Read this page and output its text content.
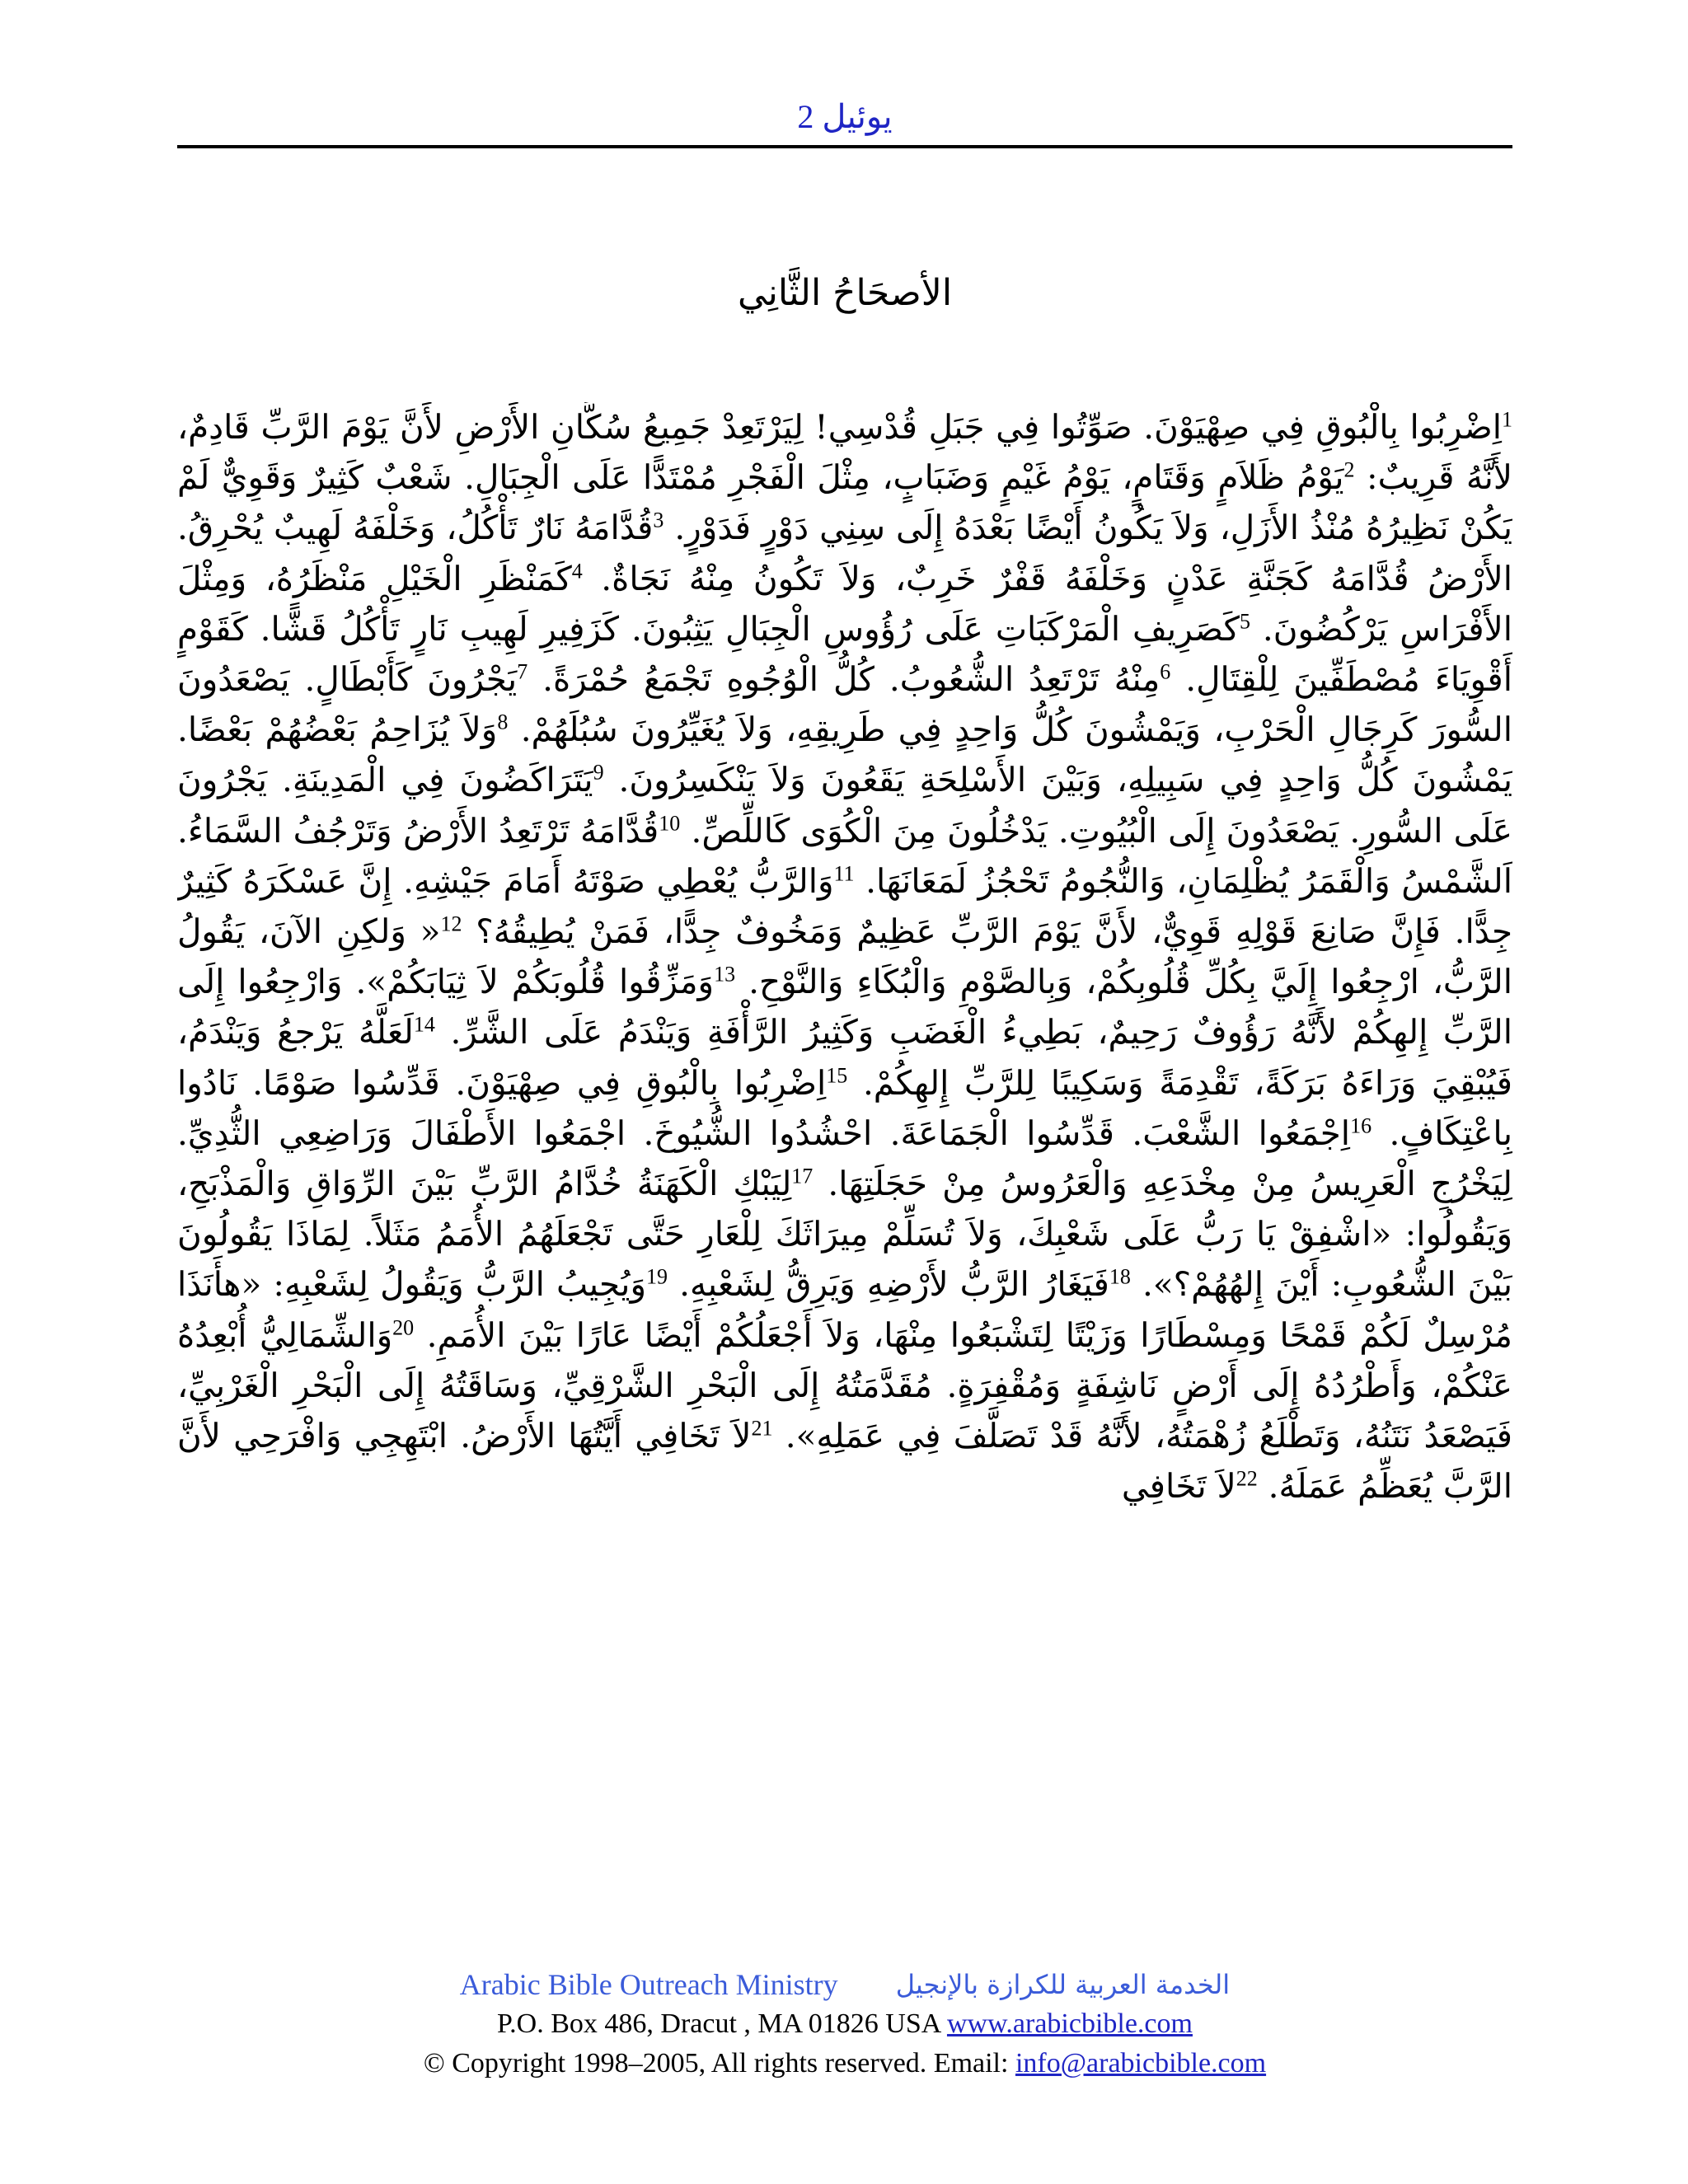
يوئيل 2
الأصحَاحُ الثَّانِي
$^1$اِضْرِبُوا بِالْبُوقِ فِي صِهْيَوْنَ. صَوِّتُوا فِي جَبَلِ قُدْسِي! لِيَرْتَعِدْ جَمِيعُ سُكَّانِ الأَرْضِ لأَنَّ يَوْمَ الرَّبِّ قَادِمٌ، لأَنَّهُ قَرِيبٌ: $^2$يَوْمُ ظَلاَمٍ وَقَتَامٍ، يَوْمُ غَيْمٍ وَضَبَابٍ، مِثْلَ الْفَجْرِ مُمْتَدًّا عَلَى الْجِبَالِ. شَعْبٌ كَثِيرٌ وَقَوِيٌّ لَمْ يَكُنْ نَظِيرُهُ مُنْذُ الأَزَلِ، وَلاَ يَكُونُ أَيْضًا بَعْدَهُ إِلَى سِنِي دَوْرٍ فَدَوْرٍ. $^3$قُدَّامَهُ نَارٌ تَأْكُلُ، وَخَلْفَهُ لَهِيبٌ يُحْرِقُ. الأَرْضُ قُدَّامَهُ كَجَنَّةِ عَدْنٍ وَخَلْفَهُ قَفْرٌ خَرِبٌ، وَلاَ تَكُونُ مِنْهُ نَجَاةٌ. $^4$كَمَنْظَرِ الْخَيْلِ مَنْظَرُهُ، وَمِثْلَ الأَفْرَاسِ يَرْكُضُونَ. $^5$كَصَرِيفِ الْمَرْكَبَاتِ عَلَى رُؤُوسِ الْجِبَالِ يَثِبُونَ. كَزَفِيرِ لَهِيبِ نَارٍ تَأْكُلُ قَشًّا. كَقَوْمٍ أَقْوِيَاءَ مُصْطَفِّينَ لِلْقِتَالِ. $^6$مِنْهُ تَرْتَعِدُ الشُّعُوبُ. كُلُّ الْوُجُوهِ تَجْمَعُ حُمْرَةً. $^7$يَجْرُونَ كَأَبْطَالٍ. يَصْعَدُونَ السُّورَ كَرِجَالِ الْحَرْبِ، وَيَمْشُونَ كُلُّ وَاحِدٍ فِي طَرِيقِهِ، وَلاَ يُغَيِّرُونَ سُبُلَهُمْ. $^8$وَلاَ يُزَاحِمُ بَعْضُهُمْ بَعْضًا. يَمْشُونَ كُلُّ وَاحِدٍ فِي سَبِيلِهِ، وَبَيْنَ الأَسْلِحَةِ يَقَعُونَ وَلاَ يَنْكَسِرُونَ. $^9$يَتَرَاكَضُونَ فِي الْمَدِينَةِ. يَجْرُونَ عَلَى السُّورِ. يَصْعَدُونَ إِلَى الْبُيُوتِ. يَدْخُلُونَ مِنَ الْكُوَى كَاللِّصِّ. $^{10}$قُدَّامَهُ تَرْتَعِدُ الأَرْضُ وَتَرْجُفُ السَّمَاءُ. اَلشَّمْسُ وَالْقَمَرُ يُظْلِمَانِ، وَالنُّجُومُ تَحْجُزُ لَمَعَانَهَا. $^{11}$وَالرَّبُّ يُعْطِي صَوْتَهُ أَمَامَ جَيْشِهِ. إِنَّ عَسْكَرَهُ كَثِيرٌ جِدًّا. فَإِنَّ صَانِعَ قَوْلِهِ قَوِيٌّ، لأَنَّ يَوْمَ الرَّبِّ عَظِيمٌ وَمَخُوفٌ جِدًّا، فَمَنْ يُطِيقُهُ؟ $^{12}$« وَلكِنِ الآنَ، يَقُولُ الرَّبُّ، ارْجِعُوا إِلَيَّ بِكُلِّ قُلُوبِكُمْ، وَبِالصَّوْمِ وَالْبُكَاءِ وَالنَّوْحِ. $^{13}$وَمَزِّقُوا قُلُوبَكُمْ لاَ ثِيَابَكُمْ». وَارْجِعُوا إِلَى الرَّبِّ إِلهِكُمْ لأَنَّهُ رَؤُوفٌ رَحِيمٌ، بَطِيءُ الْغَضَبِ وَكَثِيرُ الرَّأْفَةِ وَيَنْدَمُ عَلَى الشَّرِّ. $^{14}$لَعَلَّهُ يَرْجعُ وَيَنْدَمُ، فَيُبْقِيَ وَرَاءَهُ بَرَكَةً، تَقْدِمَةً وَسَكِيبًا لِلرَّبِّ إِلهِكُمْ. $^{15}$اِضْرِبُوا بِالْبُوقِ فِي صِهْيَوْنَ. قَدِّسُوا صَوْمًا. نَادُوا بِاعْتِكَافٍ. $^{16}$اِجْمَعُوا الشَّعْبَ. قَدِّسُوا الْجَمَاعَةَ. احْشُدُوا الشُّيُوخَ. اجْمَعُوا الأَطْفَالَ وَرَاضِعِي الثُّدِيِّ. لِيَخْرُجِ الْعَرِيسُ مِنْ مِخْدَعِهِ وَالْعَرُوسُ مِنْ حَجَلَتِهَا. $^{17}$لِيَبْكِ الْكَهَنَةُ خُدَّامُ الرَّبِّ بَيْنَ الرِّوَاقِ وَالْمَذْبَحِ، وَيَقُولُوا: «اشْفِقْ يَا رَبُّ عَلَى شَعْبِكَ، وَلاَ تُسَلِّمْ مِيرَاثَكَ لِلْعَارِ حَتَّى تَجْعَلَهُمُ الأُمَمُ مَثَلاً. لِمَاذَا يَقُولُونَ بَيْنَ الشُّعُوبِ: أَيْنَ إِلهُهُمْ؟». $^{18}$فَيَغَارُ الرَّبُّ لأَرْضِهِ وَيَرِقُّ لِشَعْبِهِ. $^{19}$وَيُجِيبُ الرَّبُّ وَيَقُولُ لِشَعْبِهِ: «هأَنَذَا مُرْسِلٌ لَكُمْ قَمْحًا وَمِسْطَارًا وَزَيْتًا لِتَشْبَعُوا مِنْهَا، وَلاَ أَجْعَلُكُمْ أَيْضًا عَارًا بَيْنَ الأُمَمِ. $^{20}$وَالشِّمَالِيُّ أُبْعِدُهُ عَنْكُمْ، وَأَطْرُدُهُ إِلَى أَرْضٍ نَاشِفَةٍ وَمُقْفِرَةٍ. مُقَدَّمَتُهُ إِلَى الْبَحْرِ الشَّرْقِيِّ، وَسَاقَتُهُ إِلَى الْبَحْرِ الْغَرْبِيِّ، فَيَصْعَدُ نَتَنُهُ، وَتَطْلَعُ زُهْمَتُهُ، لأَنَّهُ قَدْ تَصَلَّفَ فِي عَمَلِهِ». $^{21}$لاَ تَخَافِي أَيَّتُهَا الأَرْضُ. ابْتَهِجِي وَافْرَحِي لأَنَّ الرَّبَّ يُعَظِّمُ عَمَلَهُ. $^{22}$لاَ تَخَافِي
Arabic Bible Outreach Ministry الخدمة العربية للكرازة بالإنجيل
P.O. Box 486, Dracut , MA 01826 USA www.arabicbible.com
© Copyright 1998–2005, All rights reserved. Email: info@arabicbible.com
